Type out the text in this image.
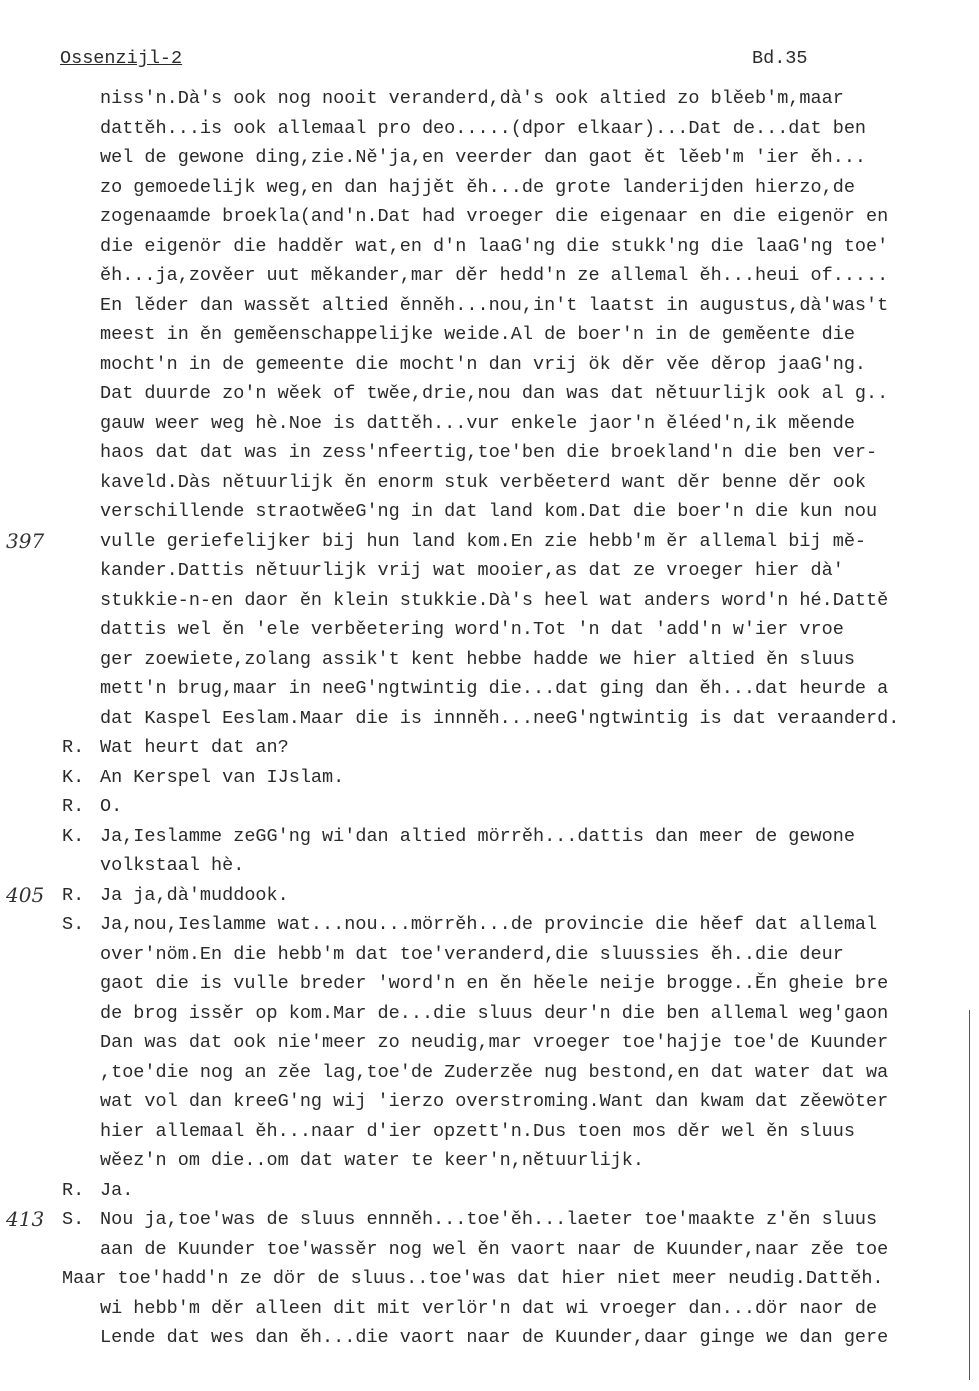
Ossenzijl-2	Bd.35
niss'n.Dà's ook nog nooit veranderd,dà's ook altied zo blěeb'm,maar
dattěh...is ook allemaal pro deo.....(dpor elkaar)...Dat de...dat ben
wel de gewone ding,zie.Ně'ja,en veerder dan gaot ět lěeb'm 'ier ěh...
zo gemoedelijk weg,en dan hajjět ěh...de grote landerijden hierzo,de
zogenaamde broekla(and'n.Dat had vroeger die eigenaar en die eigenör en
die eigenör die hadděr wat,en d'n laaG'ng die stukk'ng die laaG'ng toe'
ěh...ja,zověer uut měkander,mar děr hedd'n ze allemal ěh...heui of.....
En lěder dan wassět altied ěnněh...nou,in't laatst in augustus,dà'was't
meest in ěn geměenschappelijke weide.Al de boer'n in de geměente die
mocht'n in de gemeente die mocht'n dan vrij ök děr věe děrop jaaG'ng.
Dat duurde zo'n wěek of twěe,drie,nou dan was dat nětuurlijk ook al g..
gauw weer weg hè.Noe is dattěh...vur enkele jaor'n ěléed'n,ik měende
haos dat dat was in zess'nfeertig,toe'ben die broekland'n die ben ver-
kaveld.Dàs nětuurlijk ěn enorm stuk verběeterd want děr benne děr ook
verschillende straotwěeG'ng in dat land kom.Dat die boer'n die kun nou
vulle geriefelijker bij hun land kom.En zie hebb'm ěr allemal bij mě-
kander.Dattis nětuurlijk vrij wat mooier,as dat ze vroeger hier dà'
stukkie-n-en daor ěn klein stukkie.Dà's heel wat anders word'n hé.Dattě
dattis wel ěn 'ele verběetering word'n.Tot 'n dat 'add'n w'ier vroe
ger zoewiete,zolang assik't kent hebbe hadde we hier altied ěn sluus
mett'n brug,maar in neeG'ngtwintig die...dat ging dan ěh...dat heurde a
dat Kaspel Eeslam.Maar die is innněh...neeG'ngtwintig is dat veraanderd.
R. Wat heurt dat an?
K. An Kerspel van IJslam.
R. O.
K. Ja,Ieslamme zeGG'ng wi'dan altied mörrěh...dattis dan meer de gewone
volkstaal hè.
R. Ja ja,dà'muddook.
S. Ja,nou,Ieslamme wat...nou...mörrěh...de provincie die hěef dat allemal
over'nöm.En die hebb'm dat toe'veranderd,die sluussies ěh..die deur
gaot die is vulle breder 'word'n en ěn hěele neije brogge..Ěn gheie bre
de brog issěr op kom.Mar de...die sluus deur'n die ben allemal weg'gaon
Dan was dat ook nie'meer zo neudig,mar vroeger toe'hajje toe'de Kuunder
,toe'die nog an zěe lag,toe'de Zuderzěe nug bestond,en dat water dat wa
wat vol dan kreeG'ng wij 'ierzo overstroming.Want dan kwam dat zěewöter
hier allemaal ěh...naar d'ier opzett'n.Dus toen mos děr wel ěn sluus
wěez'n om die..om dat water te keer'n,nětuurlijk.
R. Ja.
S. Nou ja,toe'was de sluus ennněh...toe'ěh...laeter toe'maakte z'ěn sluus
aan de Kuunder toe'wassěr nog wel ěn vaort naar de Kuunder,naar zěe toe
Maar toe'hadd'n ze dör de sluus..toe'was dat hier niet meer neudig.Dattěh.
wi hebb'm děr alleen dit mit verlör'n dat wi vroeger dan...dör naor de
Lende dat wes dan ěh...die vaort naar de Kuunder,daar ginge we dan gere
397
405
413
